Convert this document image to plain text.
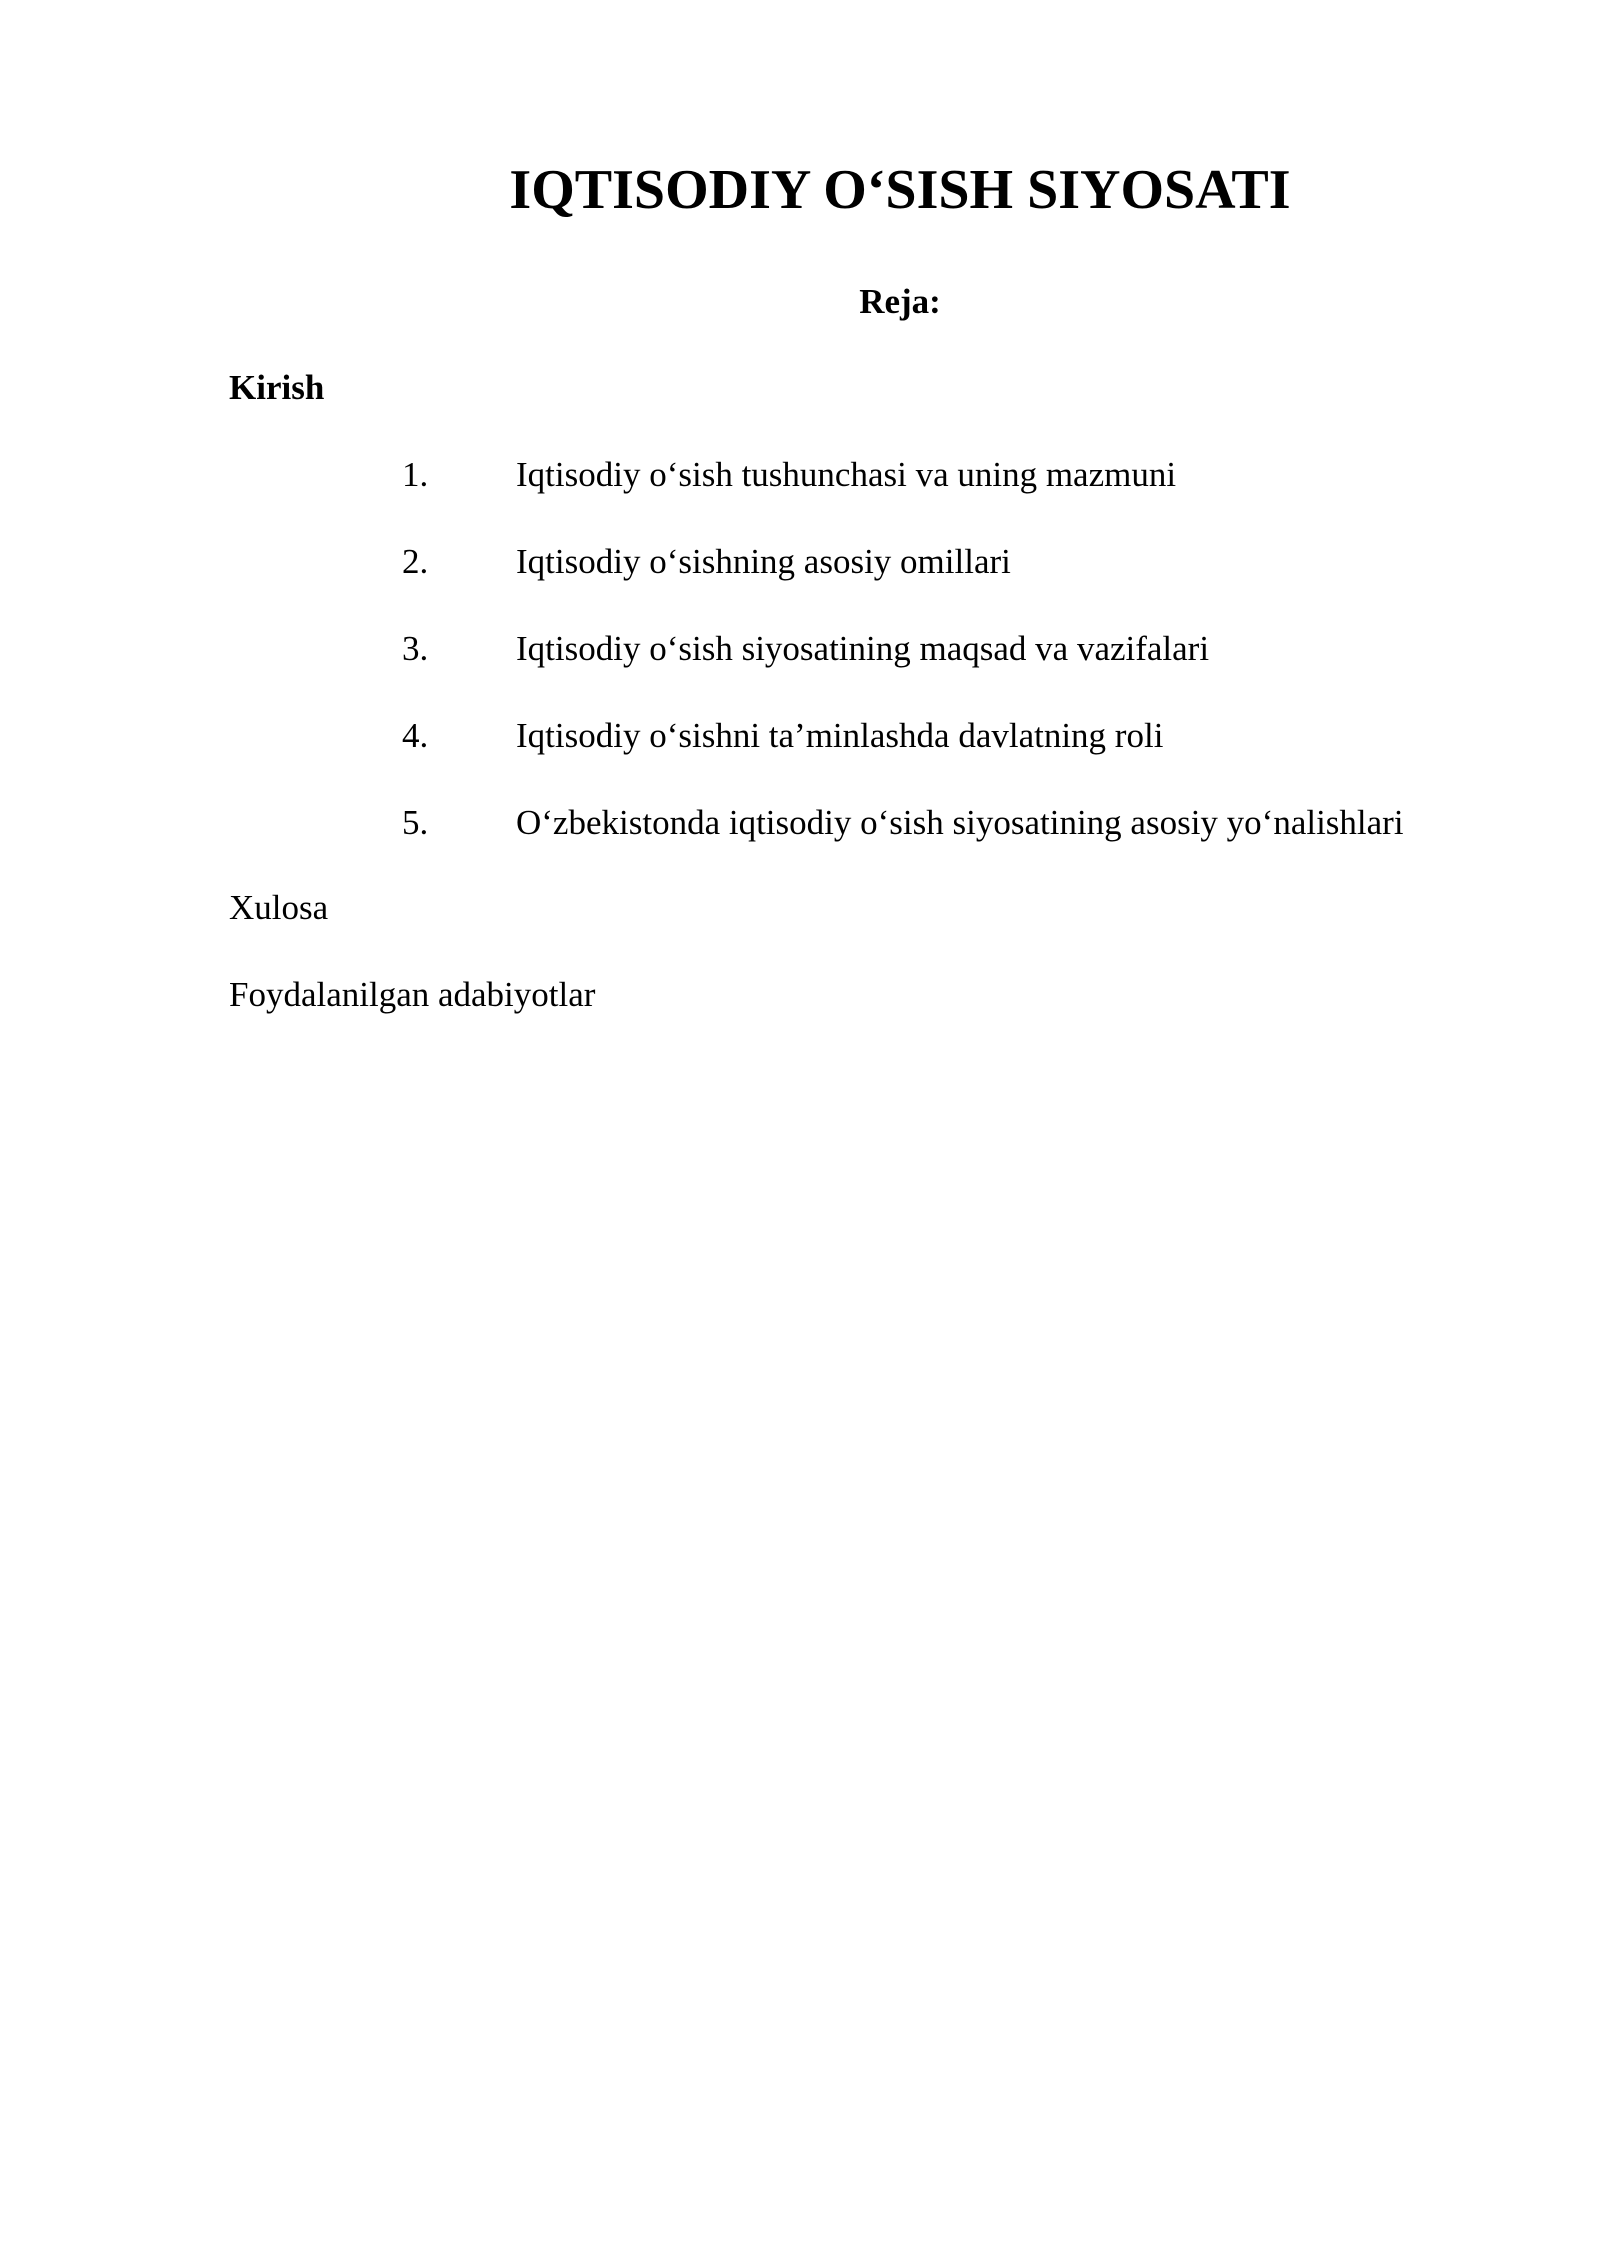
IQTISODIY O‘SISH SIYOSATI

Reja:

Kirish

1.	Iqtisodiy o‘sish tushunchasi va uning mazmuni
2.	Iqtisodiy o‘sishning asosiy omillari
3.	Iqtisodiy o‘sish siyosatining maqsad va vazifalari
4.	Iqtisodiy o‘sishni ta’minlashda davlatning roli
5.	O‘zbekistonda iqtisodiy o‘sish siyosatining asosiy yo‘nalishlari

Xulosa

Foydalanilgan adabiyotlar
